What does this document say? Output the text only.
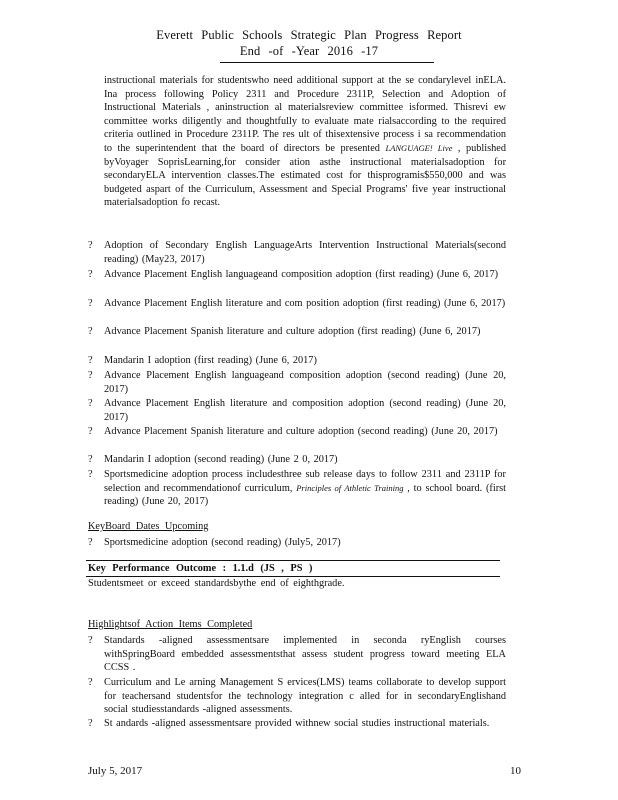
Everett Public Schools Strategic Plan Progress Report
End -of -Year 2016 -17
instructional materials for studentswho need additional support at the se condarylevel inELA. Ina process following Policy 2311 and Procedure 2311P, Selection and Adoption of Instructional Materials , aninstruction al materialsreview committee isformed. Thisrevi ew committee works diligently and thoughtfully to evaluate mate rialsaccording to the required criteria outlined in Procedure 2311P. The res ult of thisextensive process i sa recommendation to the superintendent that the board of directors be presented LANGUAGE! Live , published byVoyager SoprisLearning,for consider ation asthe instructional materialsadoption for secondaryELA intervention classes.The estimated cost for thisprogramis$550,000 and was budgeted aspart of the Curriculum, Assessment and Special Programs' five year instructional materialsadoption fo recast.
?	Adoption of Secondary English LanguageArts Intervention Instructional Materials(second reading) (May23, 2017)
?	Advance Placement English languageand composition adoption (first reading) (June 6, 2017)
?	Advance Placement English literature and com position adoption (first reading) (June 6, 2017)
?	Advance Placement Spanish literature and culture adoption (first reading) (June 6, 2017)
?	Mandarin I adoption (first reading) (June 6, 2017)
?	Advance Placement English languageand composition adoption (second reading) (June 20, 2017)
?	Advance Placement English literature and composition adoption (second reading) (June 20, 2017)
?	Advance Placement Spanish literature and culture adoption (second reading) (June 20, 2017)
?	Mandarin I adoption (second reading) (June 2 0, 2017)
?	Sportsmedicine adoption process includesthree sub release days to follow 2311 and 2311P for selection and recommendationof curriculum, Principles of Athletic Training , to school board. (first reading) (June 20, 2017)
KeyBoard Dates Upcoming
?	Sportsmedicine adoption (second reading) (July5, 2017)
Key Performance Outcome : 1.1.d (JS , PS )
Studentsmeet or exceed standardsbythe end of eighthgrade.
Highlightsof Action Items Completed
?	Standards -aligned assessmentsare implemented in seconda ryEnglish courses withSpringBoard embedded assessmentsthat assess student progress toward meeting ELA CCSS .
?	Curriculum and Le arning Management S ervices(LMS) teams collaborate to develop support for teachersand studentsfor the technology integration c alled for in secondaryEnglishand social studiesstandards -aligned assessments.
?	St andards -aligned assessmentsare provided withnew social studies instructional materials.
July 5, 2017	10
